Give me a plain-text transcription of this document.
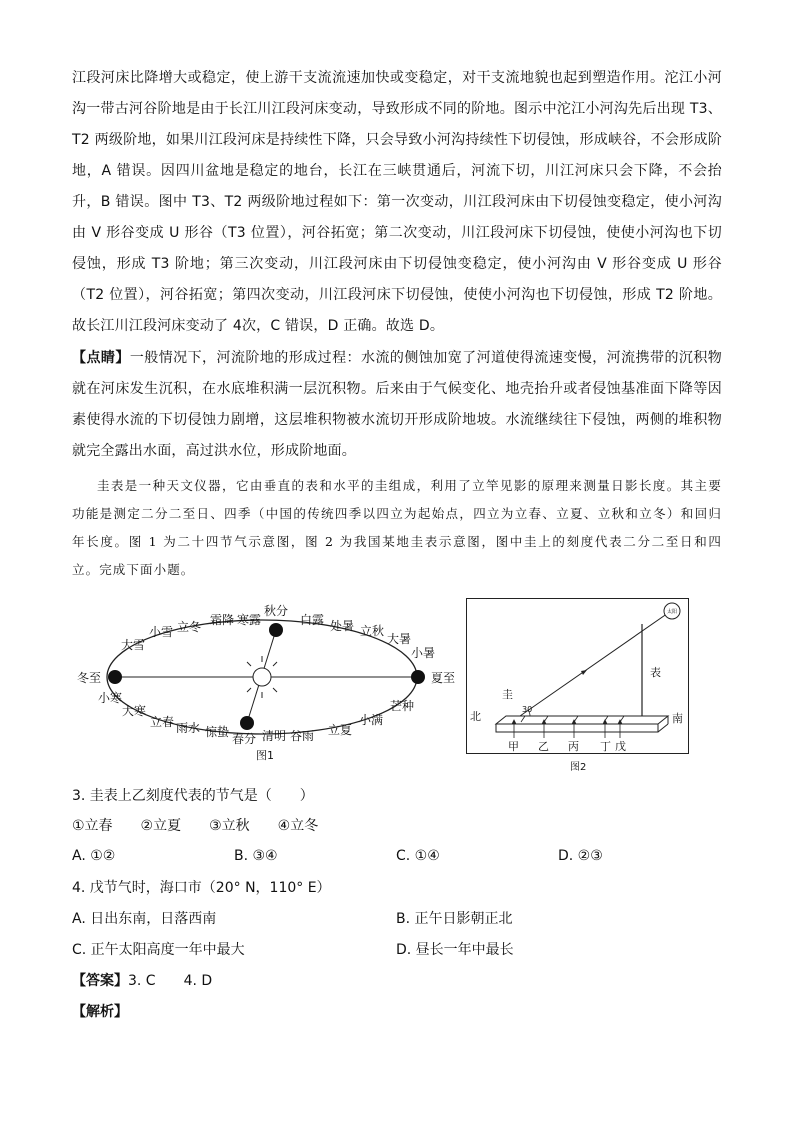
江段河床比降增大或稳定，使上游干支流流速加快或变稳定，对干支流地貌也起到塑造作用。沱江小河沟一带古河谷阶地是由于长江川江段河床变动，导致形成不同的阶地。图示中沱江小河沟先后出现 T3、T2 两级阶地，如果川江段河床是持续性下降，只会导致小河沟持续性下切侵蚀，形成峡谷，不会形成阶地，A 错误。因四川盆地是稳定的地台，长江在三峡贯通后，河流下切，川江河床只会下降，不会抬升，B 错误。图中 T3、T2 两级阶地过程如下：第一次变动，川江段河床由下切侵蚀变稳定，使小河沟由 V 形谷变成 U 形谷（T3 位置），河谷拓宽；第二次变动，川江段河床下切侵蚀，使使小河沟也下切侵蚀，形成 T3 阶地；第三次变动，川江段河床由下切侵蚀变稳定，使小河沟由 V 形谷变成 U 形谷（T2 位置），河谷拓宽；第四次变动，川江段河床下切侵蚀，使使小河沟也下切侵蚀，形成 T2 阶地。故长江川江段河床变动了 4次，C 错误，D 正确。故选 D。
【点睛】一般情况下，河流阶地的形成过程：水流的侧蚀加宽了河道使得流速变慢，河流携带的沉积物就在河床发生沉积，在水底堆积满一层沉积物。后来由于气候变化、地壳抬升或者侵蚀基准面下降等因素使得水流的下切侵蚀力剧增，这层堆积物被水流切开形成阶地坡。水流继续往下侵蚀，两侧的堆积物就完全露出水面，高过洪水位，形成阶地面。
圭表是一种天文仪器，它由垂直的表和水平的圭组成，利用了立竿见影的原理来测量日影长度。其主要功能是测定二分二至日、四季（中国的传统四季以四立为起始点，四立为立春、立夏、立秋和立冬）和回归年长度。图 1 为二十四节气示意图，图 2 为我国某地圭表示意图，图中圭上的刻度代表二分二至日和四立。完成下面小题。
冬至
小寒
大寒
立春 雨水 惊蛰 春分 清明 谷雨 立夏
小满
芒种
夏至
小暑
大暑
立秋
处暑
白露
秋分
寒露
霜降
立冬
小雪
大雪
图1
太阳
30
表
圭
北	南
甲 乙 丙 丁 戊
图2
3. 圭表上乙刻度代表的节气是（　　）
①立春　　②立夏　　③立秋　　④立冬
A. ①②	B. ③④	C. ①④	D. ②③
4. 戊节气时，海口市（20° N，110° E）
A. 日出东南，日落西南	B. 正午日影朝正北
C. 正午太阳高度一年中最大	D. 昼长一年中最长
【答案】3. C　　4. D
【解析】
